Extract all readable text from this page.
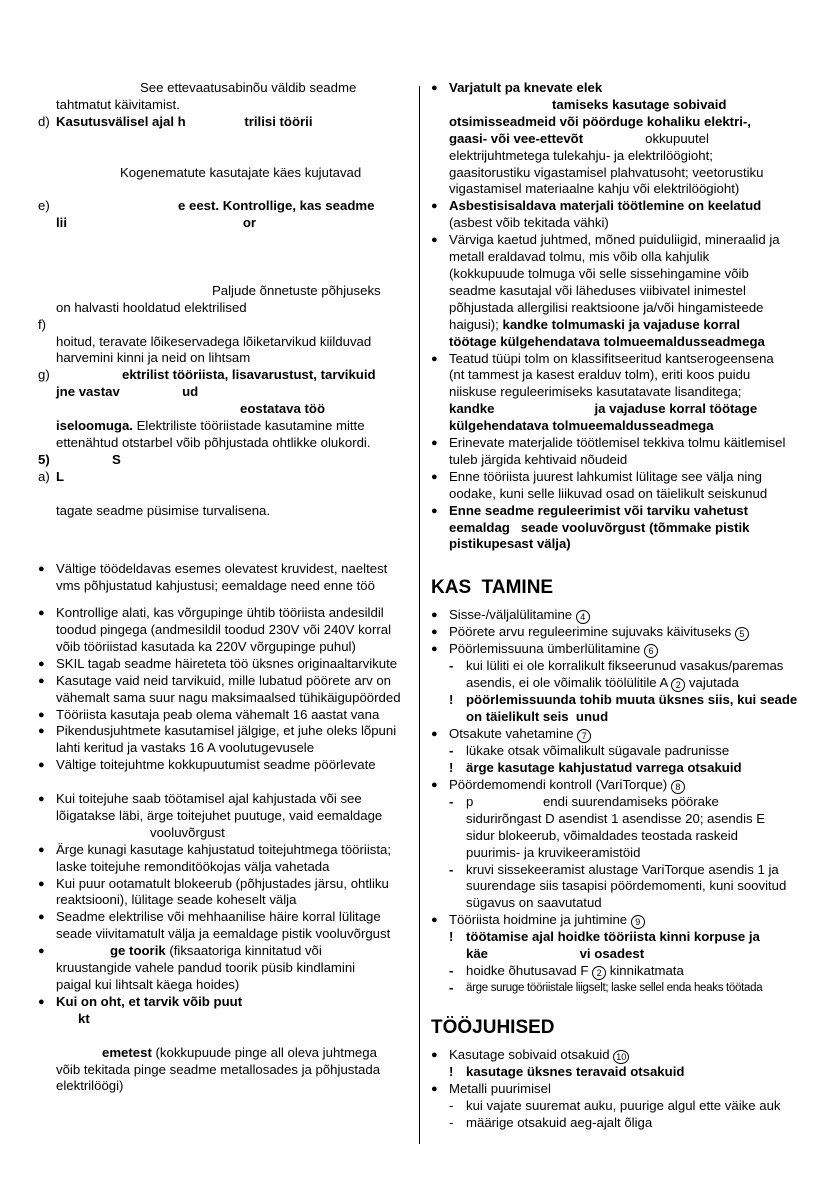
See ettevaatusabinõu väldib seadme

tahtmatut käivitamist.

d) Kasutusvälisel ajal h                trilisi töörii

Kogenematute kasutajate käes kujutavad

e)	e eest. Kontrollige, kas seadme

lii                                                or

Paljude õnnetuste põhjuseks

on halvasti hooldatud elektrilised

f)

hoitud, teravate lõikeservadega lõiketarvikud kiilduvad

harvemini kinni ja neid on lihtsam

g)	ektrilist tööriista, lisavarustust, tarvikuid

jne vastav                 ud

eostatava töö

iseloomuga. Elektriliste tööriistade kasutamine mitte

ettenähtud otstarbel võib põhjustada ohtlikke olukordi.

5)	S
a) L

tagate seadme püsimise turvalisena.

● Vältige töödeldavas esemes olevatest kruvidest, naeltest vms põhjustatud kahjustusi; eemaldage need enne töö
● Kontrollige alati, kas võrgupinge ühtib tööriista andesildil toodud pingega (andmesildil toodud 230V või 240V korral võib tööriistad kasutada ka 220V võrgupinge puhul)
● SKIL tagab seadme häireteta töö üksnes originaaltarvikute
● Kasutage vaid neid tarvikuid, mille lubatud pöörete arv on vähemalt sama suur nagu maksimaalsed tühikäigupöörded
● Tööriista kasutaja peab olema vähemalt 16 aastat vana
● Pikendusjuhtmete kasutamisel jälgige, et juhe oleks lõpuni lahti keritud ja vastaks 16 A voolutugevusele
● Vältige toitejuhtme kokkupuutumist seadme pöörlevate
● Kui toitejuhe saab töötamisel ajal kahjustada või see
lõigatakse läbi, ärge toitejuhet puutuge, vaid eemaldage
vooluvõrgust
● Ärge kunagi kasutage kahjustatud toitejuhtmega tööriista; laske toitejuhe remonditöökojas välja vahetada
● Kui puur ootamatult blokeerub (põhjustades järsu, ohtliku reaktsiooni), lülitage seade koheselt välja
● Seadme elektrilise või mehhaanilise häire korral lülitage seade viivitamatult välja ja eemaldage pistik vooluvõrgust
●	ge toorik (fiksaatoriga kinnitatud või
kruustangide vahele pandud toorik püsib kindlamini
paigal kui lihtsalt käega hoides)
● Kui on oht, et tarvik võib puut
kt

emetest (kokkupuude pinge all oleva juhtmega
võib tekitada pinge seadme metallosades ja põhjustada
elektrilöögi)
● Varjatult pa knevate elek
tamiseks kasutage sobivaid
otsimisseadmeid või pöörduge kohaliku elektri-,
gaasi- või vee-ettevõt	okkupuutel
elektrijuhtmetega tulekahju- ja elektrilöögioht;
gaasitorustiku vigastamisel plahvatusoht; veetorustiku
vigastamisel materiaalne kahju või elektrilöögioht)
● Asbestisisaldava materjali töötlemine on keelatud
(asbest võib tekitada vähki)
● Värviga kaetud juhtmed, mõned puiduliigid, mineraalid ja
metall eraldavad tolmu, mis võib olla kahjulik
(kokkupuude tolmuga või selle sissehingamine võib
seadme kasutajal või läheduses viibivatel inimestel
põhjustada allergilisi reaktsioone ja/või hingamisteede
haigusi); kandke tolmumaski ja vajaduse korral
töötage külgehendatava tolmueemaldusseadmega
● Teatud tüüpi tolm on klassifitseeritud kantserogeensena
(nt tammest ja kasest eralduv tolm), eriti koos puidu
niiskuse reguleerimiseks kasutatavate lisanditega;
kandke	ja vajaduse korral töötage
külgehendatava tolmueemaldusseadmega
● Erinevate materjalide töötlemisel tekkiva tolmu käitlemisel tuleb järgida kehtivaid nõudeid
● Enne tööriista juurest lahkumist lülitage see välja ning oodake, kuni selle liikuvad osad on täielikult seiskunud
● Enne seadme reguleerimist või tarviku vahetust eemaldag   seade vooluvõrgust (tõmmake pistik pistikupesast välja)

KAS  TAMINE

● Sisse-/väljalülitamine 4
● Pöörete arvu reguleerimine sujuvaks käivituseks 5
● Pöörlemissuuna ümberlülitamine 6
- kui lüliti ei ole korralikult fikseerunud vasakus/paremas asendis, ei ole võimalik töölülitile A 2 vajutada
! pöörlemissuunda tohib muuta üksnes siis, kui seade on täielikult seis  unud
● Otsakute vahetamine 7
- lükake otsak võimalikult sügavale padrunisse
! ärge kasutage kahjustatud varrega otsakuid
● Pöördemomendi kontroll (VariTorque) 8
- p                   endi suurendamiseks pöörake
sidurirõngast D asendist 1 asendisse 20; asendis E
sidur blokeerub, võimaldades teostada raskeid
puurimis- ja kruvikeeramistöid
- kruvi sissekeeramist alustage VariTorque asendis 1 ja suurendage siis tasapisi pöördemomenti, kuni soovitud sügavus on saavutatud
● Tööriista hoidmine ja juhtimine 9
! töötamise ajal hoidke tööriista kinni korpuse ja
käe                         vi osadest
- hoidke õhutusavad F 2 kinnikatmata
-	ärge suruge tööriistale liigselt; laske sellel enda heaks töötada

TÖÖJUHISED

● Kasutage sobivaid otsakuid 10
! kasutage üksnes teravaid otsakuid
● Metalli puurimisel
- kui vajate suuremat auku, puurige algul ette väike auk
- määrige otsakuid aeg-ajalt õliga
